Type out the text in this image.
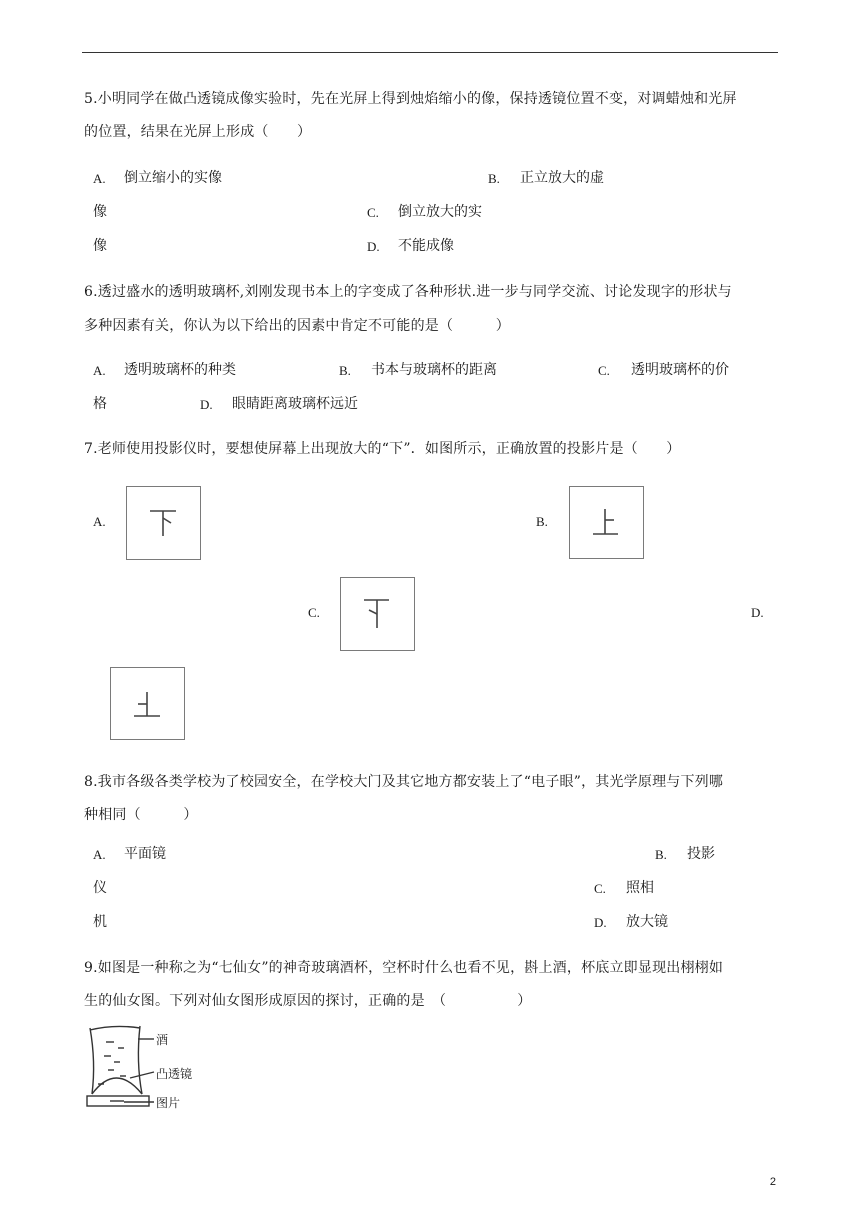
5.小明同学在做凸透镜成像实验时，先在光屏上得到烛焰缩小的像，保持透镜位置不变，对调蜡烛和光屏
的位置，结果在光屏上形成（　　）
A. 倒立缩小的实像	B. 正立放大的虚
像	C. 倒立放大的实
像	D. 不能成像
6.透过盛水的透明玻璃杯,刘刚发现书本上的字变成了各种形状.进一步与同学交流、讨论发现字的形状与
多种因素有关，你认为以下给出的因素中肯定不可能的是（　　　）
A. 透明玻璃杯的种类	B. 书本与玻璃杯的距离	C. 透明玻璃杯的价
格	D. 眼睛距离玻璃杯远近
7.老师使用投影仪时，要想使屏幕上出现放大的“下”．如图所示，正确放置的投影片是（　　）
A.	B.
C.	D.
8.我市各级各类学校为了校园安全，在学校大门及其它地方都安装上了“电子眼”，其光学原理与下列哪
种相同（　　　）
A. 平面镜	B. 投影
仪	C. 照相
机	D. 放大镜
9.如图是一种称之为“七仙女”的神奇玻璃酒杯，空杯时什么也看不见，斟上酒，杯底立即显现出栩栩如
生的仙女图。下列对仙女图形成原因的探讨，正确的是　（　　　　　）
酒
凸透镜
图片
2
